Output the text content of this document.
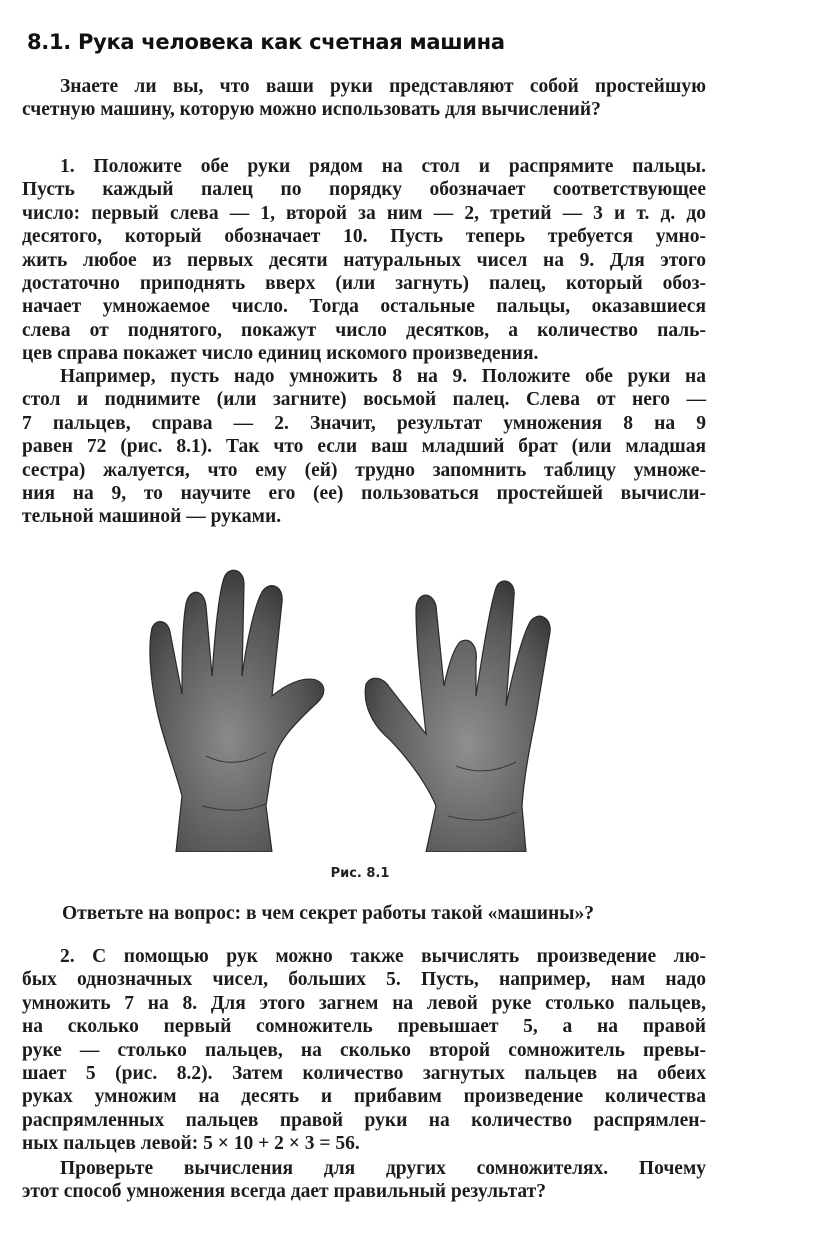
8.1. Рука человека как счетная машина
Знаете ли вы, что ваши руки представляют собой простейшую
счетную машину, которую можно использовать для вычислений?
1. Положите обе руки рядом на стол и распрямите пальцы.
Пусть каждый палец по порядку обозначает соответствующее
число: первый слева — 1, второй за ним — 2, третий — 3 и т. д. до
десятого, который обозначает 10. Пусть теперь требуется умно-
жить любое из первых десяти натуральных чисел на 9. Для этого
достаточно приподнять вверх (или загнуть) палец, который обоз-
начает умножаемое число. Тогда остальные пальцы, оказавшиеся
слева от поднятого, покажут число десятков, а количество паль-
цев справа покажет число единиц искомого произведения.
Например, пусть надо умножить 8 на 9. Положите обе руки на
стол и поднимите (или загните) восьмой палец. Слева от него —
7 пальцев, справа — 2. Значит, результат умножения 8 на 9
равен 72 (рис. 8.1). Так что если ваш младший брат (или младшая
сестра) жалуется, что ему (ей) трудно запомнить таблицу умноже-
ния на 9, то научите его (ее) пользоваться простейшей вычисли-
тельной машиной — руками.
Рис. 8.1
Ответьте на вопрос: в чем секрет работы такой «машины»?
2. С помощью рук можно также вычислять произведение лю-
бых однозначных чисел, больших 5. Пусть, например, нам надо
умножить 7 на 8. Для этого загнем на левой руке столько пальцев,
на сколько первый сомножитель превышает 5, а на правой
руке — столько пальцев, на сколько второй сомножитель превы-
шает 5 (рис. 8.2). Затем количество загнутых пальцев на обеих
руках умножим на десять и прибавим произведение количества
распрямленных пальцев правой руки на количество распрямлен-
ных пальцев левой: 5 × 10 + 2 × 3 = 56.
Проверьте вычисления для других сомножителях. Почему
этот способ умножения всегда дает правильный результат?
